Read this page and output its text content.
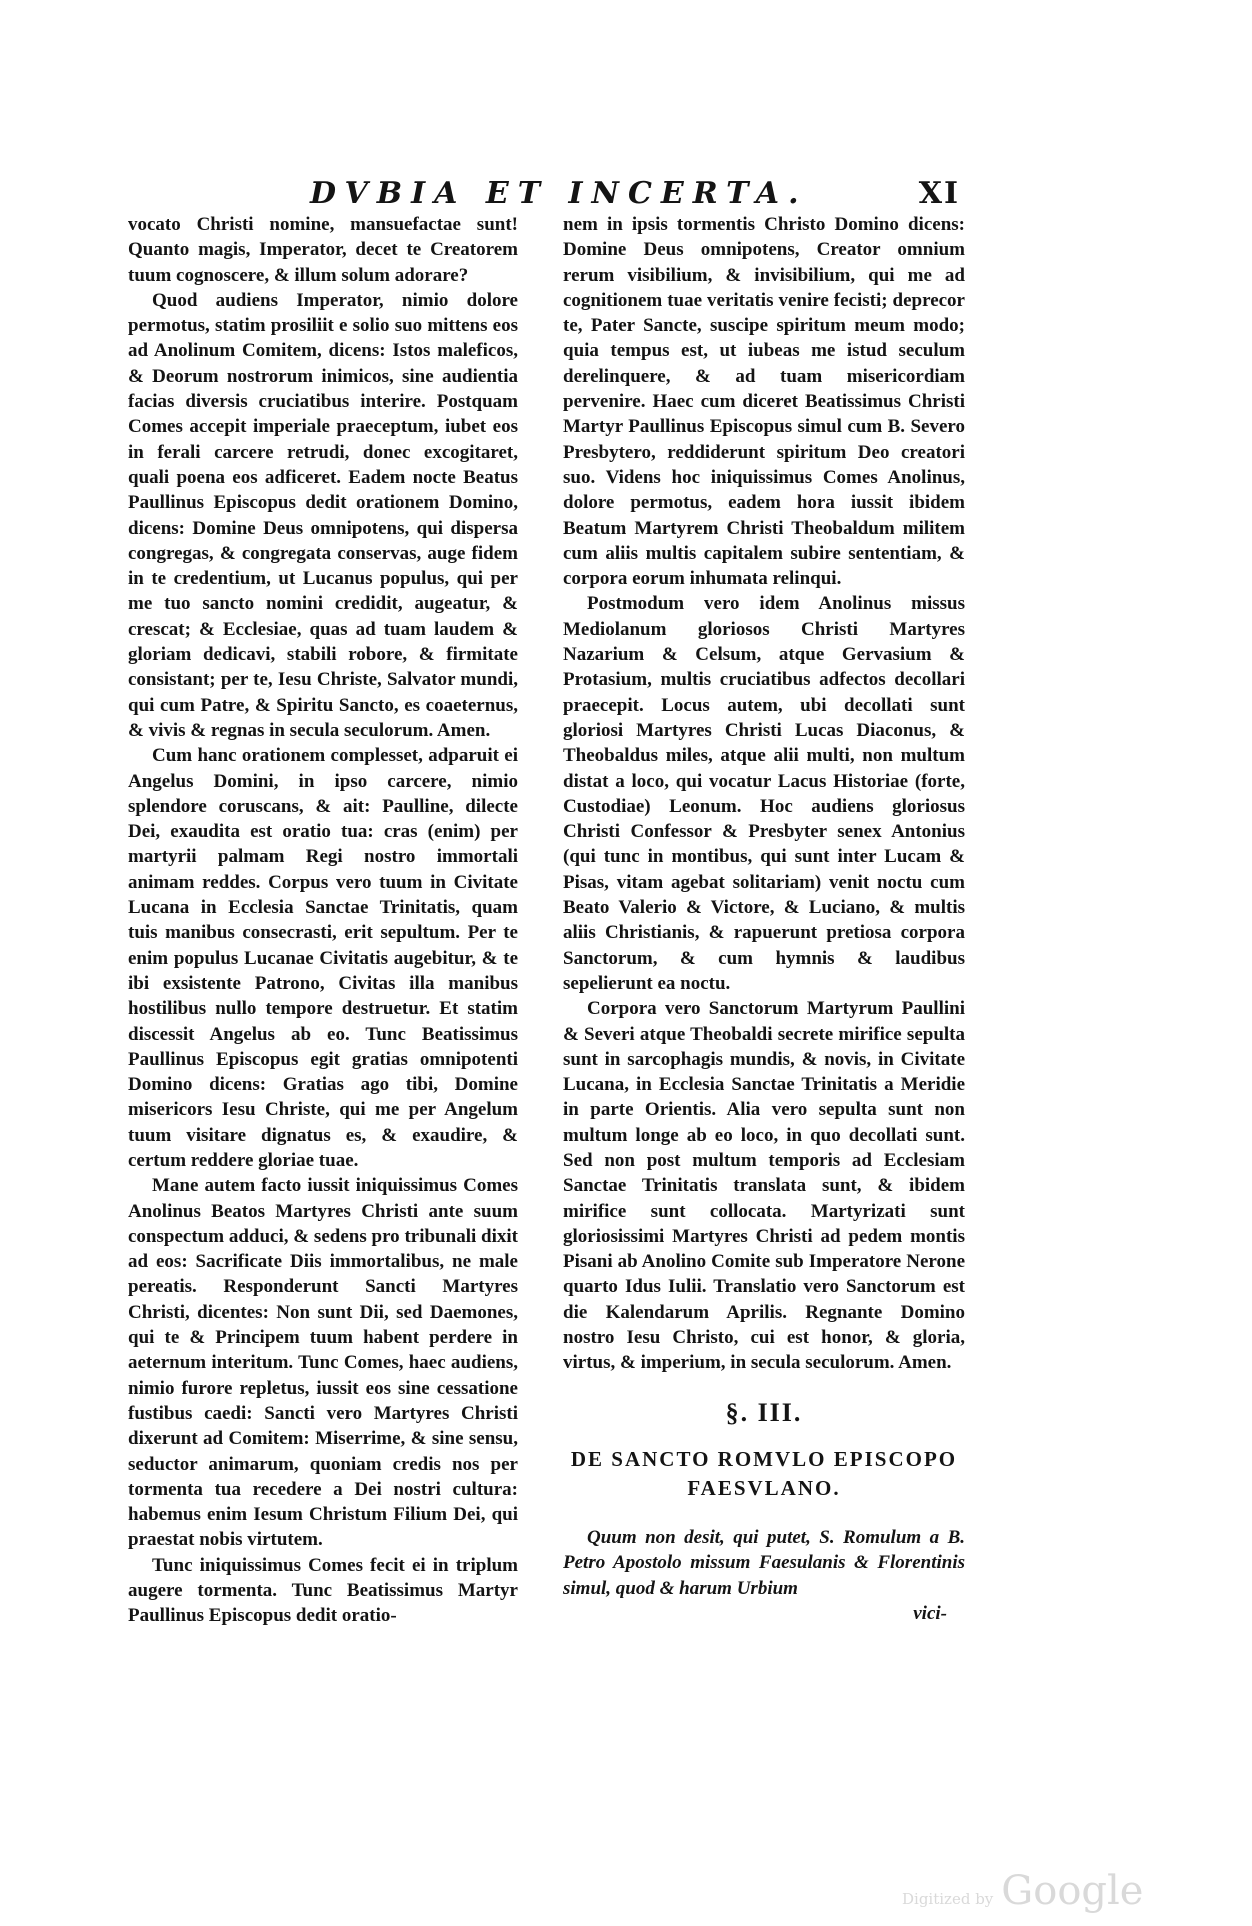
DVBIA ET INCERTA.	XI

vocato Christi nomine, mansuefactae sunt! Quanto magis, Imperator, decet te Creatorem tuum cognoscere, & illum solum adorare?

Quod audiens Imperator, nimio dolore permotus, statim prosiliit e solio suo mittens eos ad Anolinum Comitem, dicens: Istos maleficos, & Deorum nostrorum inimicos, sine audientia facias diversis cruciatibus interire. Postquam Comes accepit imperiale praeceptum, iubet eos in ferali carcere retrudi, donec excogitaret, quali poena eos adficeret. Eadem nocte Beatus Paullinus Episcopus dedit orationem Domino, dicens: Domine Deus omnipotens, qui dispersa congregas, & congregata conservas, auge fidem in te credentium, ut Lucanus populus, qui per me tuo sancto nomini credidit, augeatur, & crescat; & Ecclesiae, quas ad tuam laudem & gloriam dedicavi, stabili robore, & firmitate consistant; per te, Iesu Christe, Salvator mundi, qui cum Patre, & Spiritu Sancto, es coaeternus, & vivis & regnas in secula seculorum. Amen.

Cum hanc orationem complesset, adparuit ei Angelus Domini, in ipso carcere, nimio splendore coruscans, & ait: Paulline, dilecte Dei, exaudita est oratio tua: cras (enim) per martyrii palmam Regi nostro immortali animam reddes. Corpus vero tuum in Civitate Lucana in Ecclesia Sanctae Trinitatis, quam tuis manibus consecrasti, erit sepultum. Per te enim populus Lucanae Civitatis augebitur, & te ibi exsistente Patrono, Civitas illa manibus hostilibus nullo tempore destruetur. Et statim discessit Angelus ab eo. Tunc Beatissimus Paullinus Episcopus egit gratias omnipotenti Domino dicens: Gratias ago tibi, Domine misericors Iesu Christe, qui me per Angelum tuum visitare dignatus es, & exaudire, & certum reddere gloriae tuae.

Mane autem facto iussit iniquissimus Comes Anolinus Beatos Martyres Christi ante suum conspectum adduci, & sedens pro tribunali dixit ad eos: Sacrificate Diis immortalibus, ne male pereatis. Responderunt Sancti Martyres Christi, dicentes: Non sunt Dii, sed Daemones, qui te & Principem tuum habent perdere in aeternum interitum. Tunc Comes, haec audiens, nimio furore repletus, iussit eos sine cessatione fustibus caedi: Sancti vero Martyres Christi dixerunt ad Comitem: Miserrime, & sine sensu, seductor animarum, quoniam credis nos per tormenta tua recedere a Dei nostri cultura: habemus enim Iesum Christum Filium Dei, qui praestat nobis virtutem.

Tunc iniquissimus Comes fecit ei in triplum augere tormenta. Tunc Beatissimus Martyr Paullinus Episcopus dedit oratio-

nem in ipsis tormentis Christo Domino dicens: Domine Deus omnipotens, Creator omnium rerum visibilium, & invisibilium, qui me ad cognitionem tuae veritatis venire fecisti; deprecor te, Pater Sancte, suscipe spiritum meum modo; quia tempus est, ut iubeas me istud seculum derelinquere, & ad tuam misericordiam pervenire. Haec cum diceret Beatissimus Christi Martyr Paullinus Episcopus simul cum B. Severo Presbytero, reddiderunt spiritum Deo creatori suo. Videns hoc iniquissimus Comes Anolinus, dolore permotus, eadem hora iussit ibidem Beatum Martyrem Christi Theobaldum militem cum aliis multis capitalem subire sententiam, & corpora eorum inhumata relinqui.

Postmodum vero idem Anolinus missus Mediolanum gloriosos Christi Martyres Nazarium & Celsum, atque Gervasium & Protasium, multis cruciatibus adfectos decollari praecepit. Locus autem, ubi decollati sunt gloriosi Martyres Christi Lucas Diaconus, & Theobaldus miles, atque alii multi, non multum distat a loco, qui vocatur Lacus Historiae (forte, Custodiae) Leonum. Hoc audiens gloriosus Christi Confessor & Presbyter senex Antonius (qui tunc in montibus, qui sunt inter Lucam & Pisas, vitam agebat solitariam) venit noctu cum Beato Valerio & Victore, & Luciano, & multis aliis Christianis, & rapuerunt pretiosa corpora Sanctorum, & cum hymnis & laudibus sepelierunt ea noctu.

Corpora vero Sanctorum Martyrum Paullini & Severi atque Theobaldi secrete mirifice sepulta sunt in sarcophagis mundis, & novis, in Civitate Lucana, in Ecclesia Sanctae Trinitatis a Meridie in parte Orientis. Alia vero sepulta sunt non multum longe ab eo loco, in quo decollati sunt. Sed non post multum temporis ad Ecclesiam Sanctae Trinitatis translata sunt, & ibidem mirifice sunt collocata. Martyrizati sunt gloriosissimi Martyres Christi ad pedem montis Pisani ab Anolino Comite sub Imperatore Nerone quarto Idus Iulii. Translatio vero Sanctorum est die Kalendarum Aprilis. Regnante Domino nostro Iesu Christo, cui est honor, & gloria, virtus, & imperium, in secula seculorum. Amen.

§. III.
DE SANCTO ROMVLO EPISCOPO
FAESVLANO.

Quum non desit, qui putet, S. Romulum a B. Petro Apostolo missum Faesulanis & Florentinis simul, quod & harum Urbium

vici-
Digitized by Google
